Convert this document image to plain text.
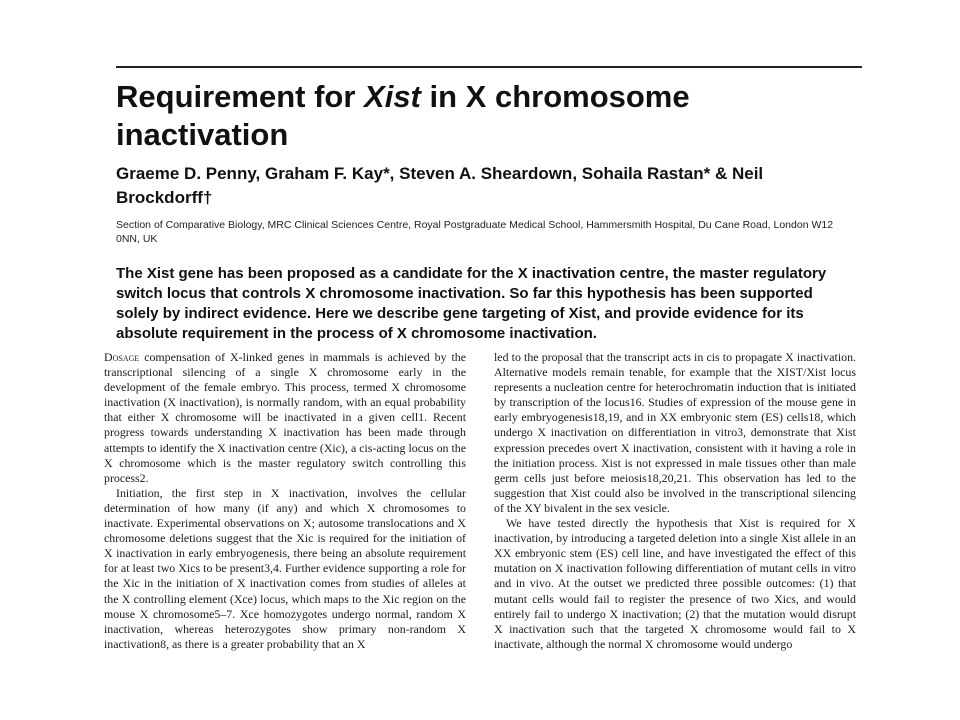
Requirement for Xist in X chromosome inactivation

Graeme D. Penny, Graham F. Kay*, Steven A. Sheardown, Sohaila Rastan* & Neil Brockdorff†

Section of Comparative Biology, MRC Clinical Sciences Centre, Royal Postgraduate Medical School, Hammersmith Hospital, Du Cane Road, London W12 0NN, UK

The Xist gene has been proposed as a candidate for the X inactivation centre, the master regulatory switch locus that controls X chromosome inactivation. So far this hypothesis has been supported solely by indirect evidence. Here we describe gene targeting of Xist, and provide evidence for its absolute requirement in the process of X chromosome inactivation.

Dosage compensation of X-linked genes in mammals is achieved by the transcriptional silencing of a single X chromosome early in the development of the female embryo. This process, termed X chromosome inactivation (X inactivation), is normally random, with an equal probability that either X chromosome will be inactivated in a given cell1. Recent progress towards understanding X inactivation has been made through attempts to identify the X inactivation centre (Xic), a cis-acting locus on the X chromosome which is the master regulatory switch controlling this process2.

Initiation, the first step in X inactivation, involves the cellular determination of how many (if any) and which X chromosomes to inactivate. Experimental observations on X; autosome translocations and X chromosome deletions suggest that the Xic is required for the initiation of X inactivation in early embryogenesis, there being an absolute requirement for at least two Xics to be present3,4. Further evidence supporting a role for the Xic in the initiation of X inactivation comes from studies of alleles at the X controlling element (Xce) locus, which maps to the Xic region on the mouse X chromosome5–7. Xce homozygotes undergo normal, random X inactivation, whereas heterozygotes show primary non-random X inactivation8, as there is a greater probability that an X

led to the proposal that the transcript acts in cis to propagate X inactivation. Alternative models remain tenable, for example that the XIST/Xist locus represents a nucleation centre for heterochromatin induction that is initiated by transcription of the locus16. Studies of expression of the mouse gene in early embryogenesis18,19, and in XX embryonic stem (ES) cells18, which undergo X inactivation on differentiation in vitro3, demonstrate that Xist expression precedes overt X inactivation, consistent with it having a role in the initiation process. Xist is not expressed in male tissues other than male germ cells just before meiosis18,20,21. This observation has led to the suggestion that Xist could also be involved in the transcriptional silencing of the XY bivalent in the sex vesicle.

We have tested directly the hypothesis that Xist is required for X inactivation, by introducing a targeted deletion into a single Xist allele in an XX embryonic stem (ES) cell line, and have investigated the effect of this mutation on X inactivation following differentiation of mutant cells in vitro and in vivo. At the outset we predicted three possible outcomes: (1) that mutant cells would fail to register the presence of two Xics, and would entirely fail to undergo X inactivation; (2) that the mutation would disrupt X inactivation such that the targeted X chromosome would fail to X inactivate, although the normal X chromosome would undergo
